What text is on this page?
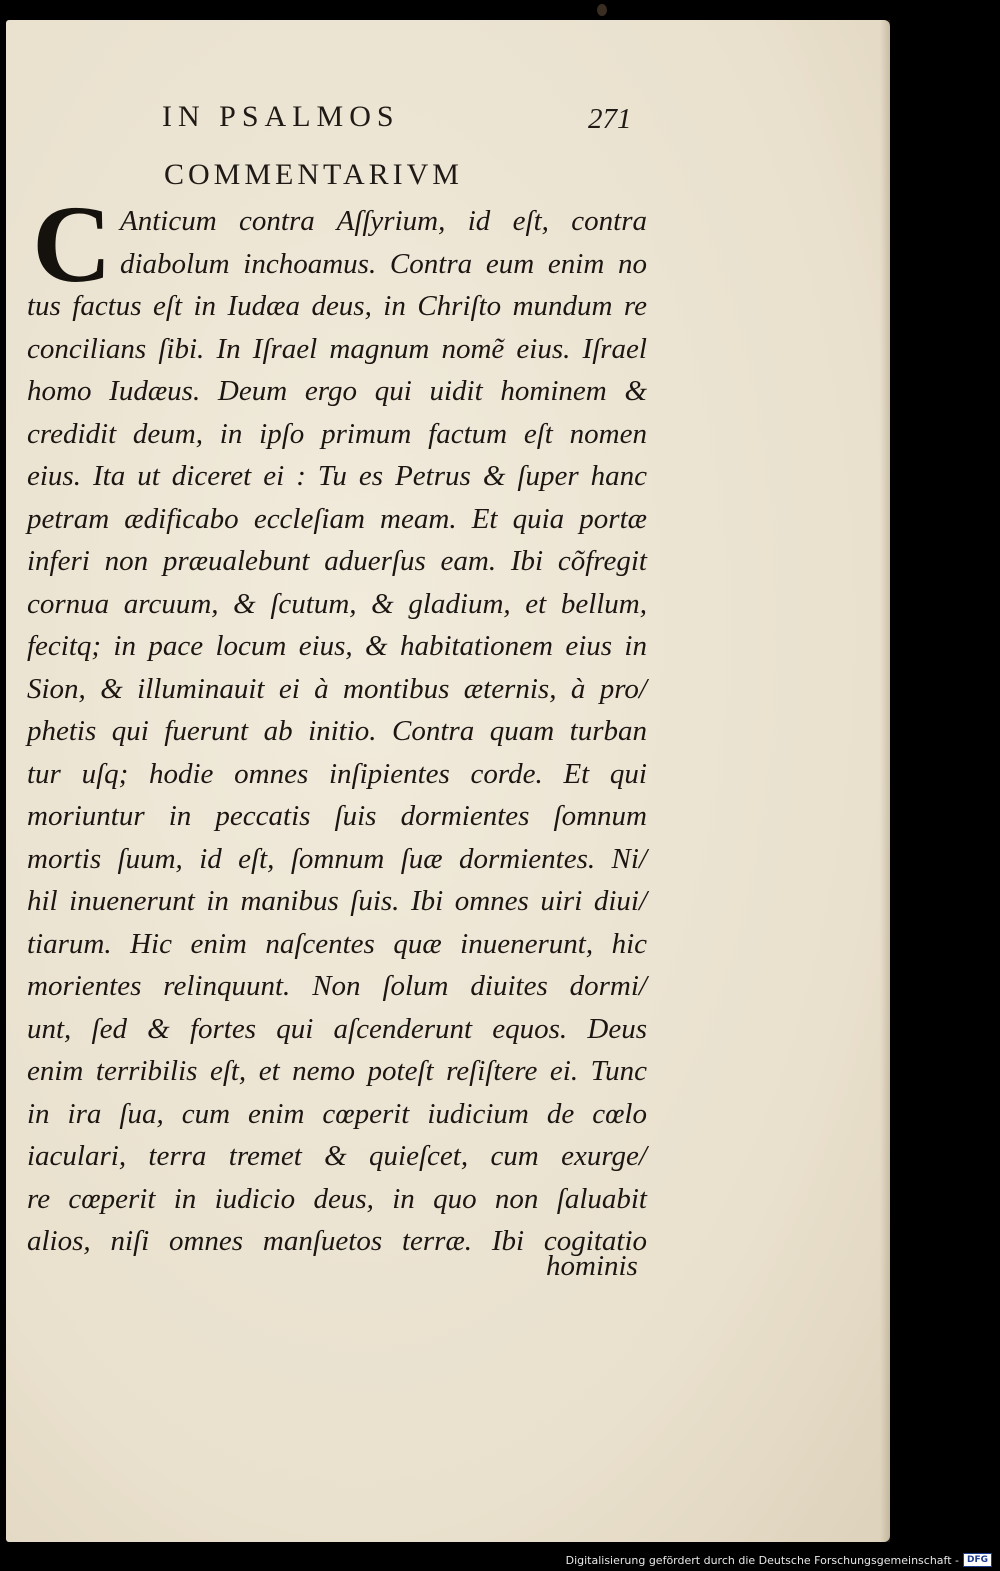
IN PSALMOS	271
COMMENTARIVM
C Anticum contra Aſſyrium, id eſt, contra
diabolum inchoamus. Contra eum enim no
tus factus eſt in Iudæa deus, in Chriſto mundum re
concilians ſibi. In Iſrael magnum nomẽ eius. Iſrael
homo Iudæus. Deum ergo qui uidit hominem &
credidit deum, in ipſo primum factum eſt nomen
eius. Ita ut diceret ei : Tu es Petrus & ſuper hanc
petram ædificabo eccleſiam meam. Et quia portæ
inferi non præualebunt aduerſus eam. Ibi cõfregit
cornua arcuum, & ſcutum, & gladium, et bellum,
fecitq; in pace locum eius, & habitationem eius in
Sion, & illuminauit ei à montibus æternis, à pro/
phetis qui fuerunt ab initio. Contra quam turban
tur uſq; hodie omnes inſipientes corde. Et qui
moriuntur in peccatis ſuis dormientes ſomnum
mortis ſuum, id eſt, ſomnum ſuæ dormientes. Ni/
hil inuenerunt in manibus ſuis. Ibi omnes uiri diui/
tiarum. Hic enim naſcentes quæ inuenerunt, hic
morientes relinquunt. Non ſolum diuites dormi/
unt, ſed & fortes qui aſcenderunt equos. Deus
enim terribilis eſt, et nemo poteſt reſiſtere ei. Tunc
in ira ſua, cum enim cœperit iudicium de cœlo
iaculari, terra tremet & quieſcet, cum exurge/
re cœperit in iudicio deus, in quo non ſaluabit
alios, niſi omnes manſuetos terræ. Ibi cogitatio
hominis
Digitalisierung gefördert durch die Deutsche Forschungsgemeinschaft - DFG
